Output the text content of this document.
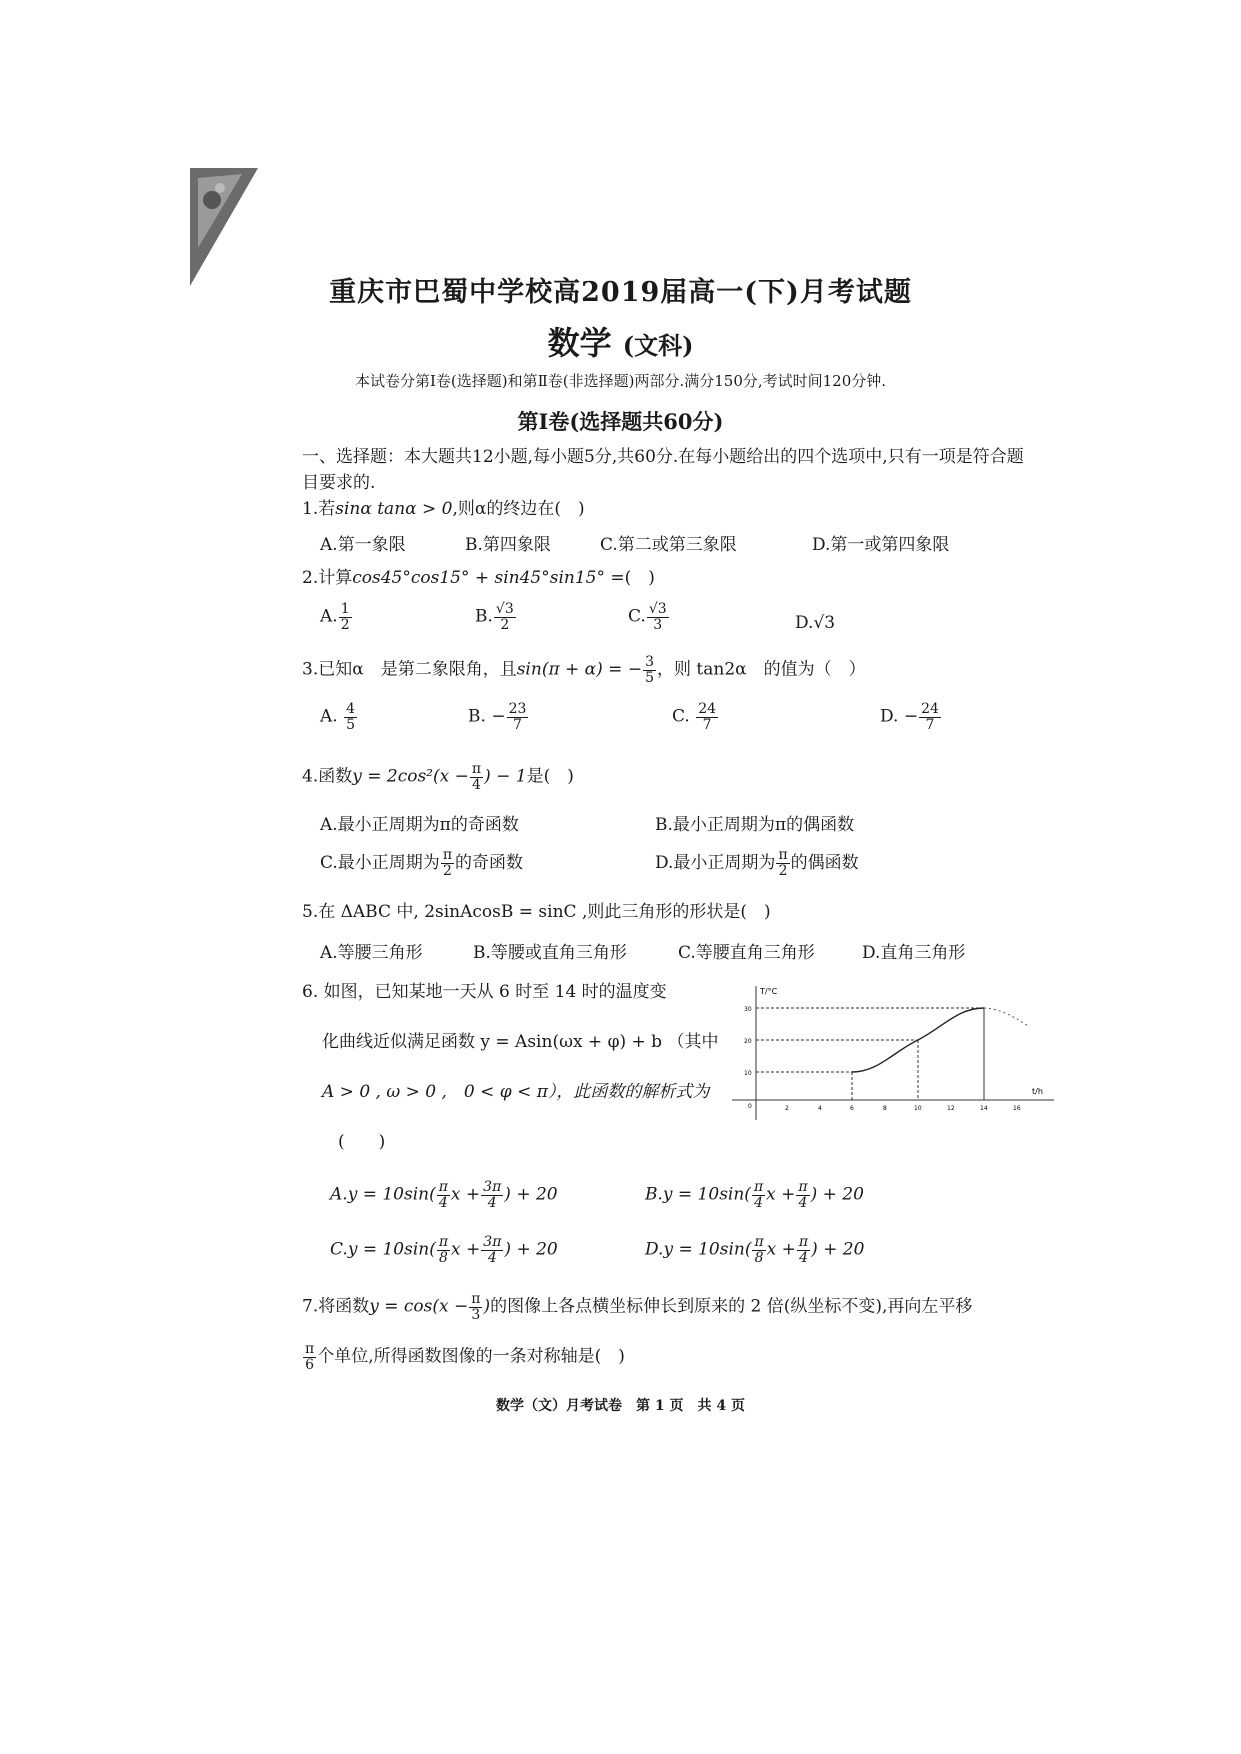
重庆市巴蜀中学校高2019届高一(下)月考试题
数学 (文科)
本试卷分第Ⅰ卷(选择题)和第Ⅱ卷(非选择题)两部分.满分150分,考试时间120分钟.
第Ⅰ卷(选择题共60分)
一、选择题：本大题共12小题,每小题5分,共60分.在每小题给出的四个选项中,只有一项是符合题
目要求的.
1.若sinα tanα > 0,则α的终边在(　)
A.第一象限	B.第四象限	C.第二或第三象限	D.第一或第四象限
2.计算cos45°cos15° + sin45°sin15° =(　)
A. $\frac{1}{2}$	B. $\frac{√3}{2}$	C. $\frac{√3}{3}$	D.√3
3.已知α　是第二象限角，且sin(π + α) = − $\frac{3}{5}$ ，则 tan2α　的值为（　）
A. $\frac{4}{5}$	B. − $\frac{23}{7}$	C. $\frac{24}{7}$	D. − $\frac{24}{7}$
4.函数$y = 2\cos^2(x - \frac{\pi}{4}$ ) − 1是(　)
A.最小正周期为π的奇函数	B.最小正周期为π的偶函数
C.最小正周期为 $\frac{\pi}{2}$ 的奇函数	D.最小正周期为 $\frac{\pi}{2}$ 的偶函数
5.在 ΔABC 中, 2sinAcosB = sinC ,则此三角形的形状是(　)
A.等腰三角形	B.等腰或直角三角形	C.等腰直角三角形	D.直角三角形
6. 如图，已知某地一天从 6 时至 14 时的温度变
化曲线近似满足函数 y = Asin(ωx + φ) + b （其中
A > 0 , ω > 0 ,　0 < φ < π），此函数的解析式为
(　　)
T/°C
t/h
30
20
10
0	2	4	6	8	10	12	14	16
$A.y = 10\sin( \frac{\pi}{4}$ $x + \frac{3\pi}{4}$ ) + 20	$B.y = 10\sin( \frac{\pi}{4}$ $x + \frac{\pi}{4}$ ) + 20
$C.y = 10\sin( \frac{\pi}{8}$ $x + \frac{3\pi}{4}$ ) + 20	$D.y = 10\sin( \frac{\pi}{8}$ $x + \frac{\pi}{4}$ ) + 20
7.将函数$y = \cos(x - \frac{\pi}{3}$ )的图像上各点横坐标伸长到原来的 2 倍(纵坐标不变),再向左平移
$\frac{\pi}{6}$ 个单位,所得函数图像的一条对称轴是(　)
数学（文）月考试卷　第 1 页　共 4 页
